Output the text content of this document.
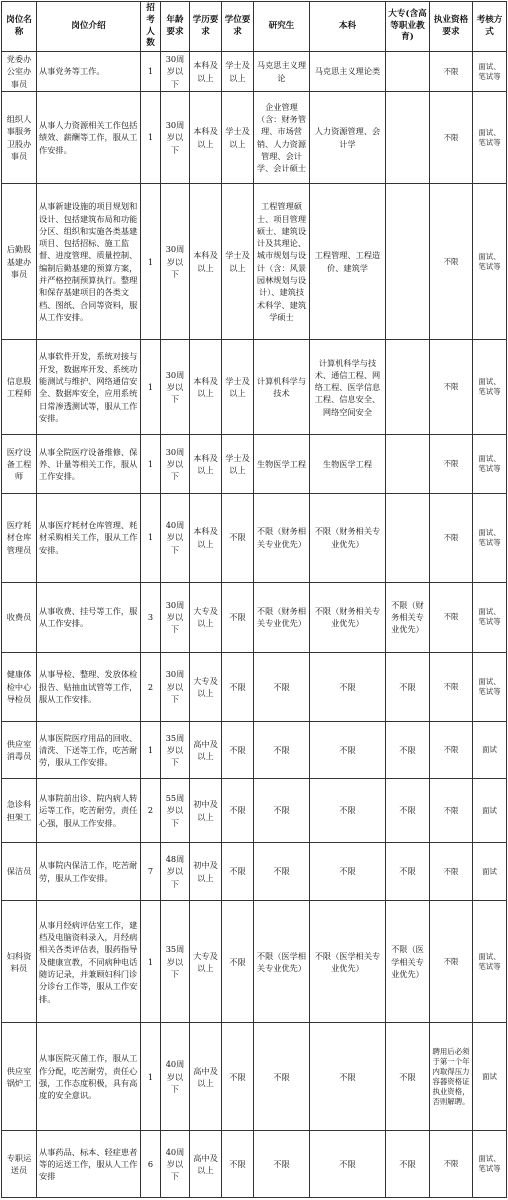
岗位名称	岗位介绍	招考人数	年龄要求	学历要求	学位要求	研究生	本科	大专(含高等职业教育)	执业资格要求	考核方式
党委办公室办事员	从事党务等工作。	1	30周岁以下	本科及以上	学士及以上	马克思主义理论	马克思主义理论类		不限	面试、笔试等
组织人事服务卫股办事员	从事人力资源相关工作包括绩效、薪酬等工作，服从工作安排。	1	30周岁以下	本科及以上	学士及以上	企业管理（含：财务管理、市场营销、人力资源管理、会计学、会计硕士	人力资源管理、会计学		不限	面试、笔试等
后勤股基建办事员	从事新建设施的项目规划和设计、包括建筑布局和功能分区、组织和实施各类基建项目、包括招标、施工监督、进度管理、质量控制、编制后勤基建的预算方案，并严格控制预算执行。整理和保存基建项目的各类文档、图纸、合同等资料，服从工作安排。	1	30周岁以下	本科及以上	学士及以上	工程管理硕士、项目管理硕士、建筑设计及其理论、城市规划与设计（含：风景园林规划与设计）、建筑技术科学、建筑学硕士	工程管理、工程造价、建筑学		不限	面试、笔试等
信息股工程师	从事软件开发，系统对接与开发，数据库开发、系统功能测试与维护、网络通信安全、数据库安全，应用系统日常渗透测试等，服从工作安排。	1	30周岁以下	本科及以上	学士及以上	计算机科学与技术	计算机科学与技术、通信工程、网络工程、医学信息工程、信息安全、网络空间安全		不限	面试、笔试等
医疗设备工程师	从事全院医疗设备维修、保养、计量等相关工作，服从工作安排。	1	30周岁以下	本科及以上	学士及以上	生物医学工程	生物医学工程		不限	面试、笔试等
医疗耗材仓库管理员	从事医疗耗材仓库管理、耗材采购相关工作，服从工作安排。	1	40周岁以下	本科及以上	不限	不限（财务相关专业优先）	不限（财务相关专业优先）		不限	面试、笔试等
收费员	从事收费、挂号等工作，服从工作安排。	3	30周岁以下	大专及以上	不限	不限（财务相关专业优先）	不限（财务相关专业优先）	不限（财务相关专业优先）	不限	面试、笔试等
健康体检中心导检员	从事导检、整理、发放体检报告、贴抽血试管等工作，服从工作安排。	2	30周岁以下	大专及以上	不限	不限	不限	不限	不限	面试、笔试等
供应室消毒员	从事医院医疗用品的回收、清洗、下送等工作，吃苦耐劳，服从工作安排。	1	35周岁以下	高中及以上	不限	不限	不限	不限	不限	面试
急诊科担架工	从事院前出诊、院内病人转运等工作，吃苦耐劳，责任心强，服从工作安排。	2	55周岁以下	初中及以上	不限	不限	不限	不限	不限	面试
保洁员	从事院内保洁工作，吃苦耐劳，服从工作安排。	7	48周岁以下	初中及以上	不限	不限	不限	不限	不限	面试
妇科资料员	从事月经病评估室工作，建档及电脑资料录入，月经病相关各类评估表，服药指导及健康宣教，不同病种电话随访记录，并兼顾妇科门诊分诊台工作等，服从工作安排。	1	35周岁以下	大专及以上	不限	不限（医学相关专业优先）	不限（医学相关专业优先）	不限（医学相关专业优先）	不限	面试、笔试等
供应室锅炉工	从事医院灭菌工作，服从工作分配，吃苦耐劳，责任心强，工作态度积极，具有高度的安全意识。	1	40周岁以下	高中及以上	不限	不限	不限	不限	聘用后必须于第一个年内取得压力容器资格证执业资格，否则解聘。	面试
专职运送员	从事药品、标本、轻症患者等的运送工作，服从人工作安排	6	40周岁以下	高中及以上	不限	不限	不限	不限	不限	面试、笔试等
